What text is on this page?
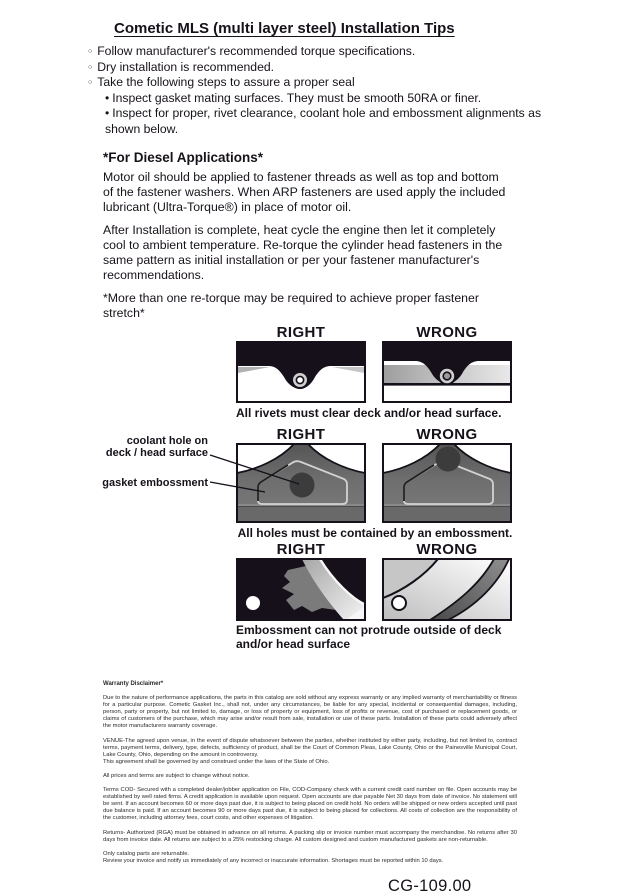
Cometic MLS (multi layer steel) Installation Tips
○ Follow manufacturer's recommended torque specifications.
○ Dry installation is recommended.
○ Take the following steps to assure a proper seal
• Inspect gasket mating surfaces. They must be smooth 50RA or finer.
• Inspect for proper, rivet clearance, coolant hole and embossment alignments as shown below.
*For Diesel Applications*

Motor oil should be applied to fastener threads as well as top and bottom of the fastener washers. When ARP fasteners are used apply the included lubricant (Ultra-Torque®) in place of motor oil.

After Installation is complete, heat cycle the engine then let it completely cool to ambient temperature. Re-torque the cylinder head fasteners in the same pattern as initial installation or per your fastener manufacturer's recommendations.

*More than one re-torque may be required to achieve proper fastener stretch*

RIGHT	WRONG
All rivets must clear deck and/or head surface.
coolant hole on
deck / head surface
gasket embossment
RIGHT	WRONG
All holes must be contained by an embossment.
RIGHT	WRONG
Embossment can not protrude outside of deck
and/or head surface
Warranty Disclaimer*

Due to the nature of performance applications, the parts in this catalog are sold without any express warranty or any implied warranty of merchantability or fitness for a particular purpose. Cometic Gasket Inc., shall not, under any circumstances, be liable for any special, incidental or consequential damages, including, person, party or property, but not limited to, damage, or loss of property or equipment, loss of profits or revenue, cost of purchased or replacement goods, or claims of customers of the purchase, which may arise and/or result from sale, installation or use of these parts. Installation of these parts could adversely affect the motor manufacturers warranty coverage.

VENUE-The agreed upon venue, in the event of dispute whatsoever between the parties, whether instituted by either party, including, but not limited to, contract terms, payment terms, delivery, type, defects, sufficiency of product, shall be the Court of Common Pleas, Lake County, Ohio or the Painesville Municipal Court, Lake County, Ohio, depending on the amount in controversy.

This agreement shall be governed by and construed under the laws of the State of Ohio.

All prices and terms are subject to change without notice.

Terms COD- Secured with a completed dealer/jobber application on File, COD-Company check with a current credit card number on file. Open accounts may be established by well rated firms. A credit application is available upon request. Open accounts are due payable Net 30 days from date of invoice. No statement will be sent. If an account becomes 60 or more days past due, it is subject to being placed on credit hold. No orders will be shipped or new orders accepted until past due balance is paid. If an account becomes 90 or more days past due, it is subject to being placed for collections. All costs of collection are the responsibility of the customer, including attorney fees, court costs, and other expenses of litigation.

Returns- Authorized (RGA) must be obtained in advance on all returns. A packing slip or invoice number must accompany the merchandise. No returns after 30 days from invoice date. All returns are subject to a 25% restocking charge. All custom designed and custom manufactured gaskets are non-returnable.

Only catalog parts are returnable.

Review your invoice and notify us immediately of any incorrect or inaccurate information. Shortages must be reported within 10 days.

CG-109.00
